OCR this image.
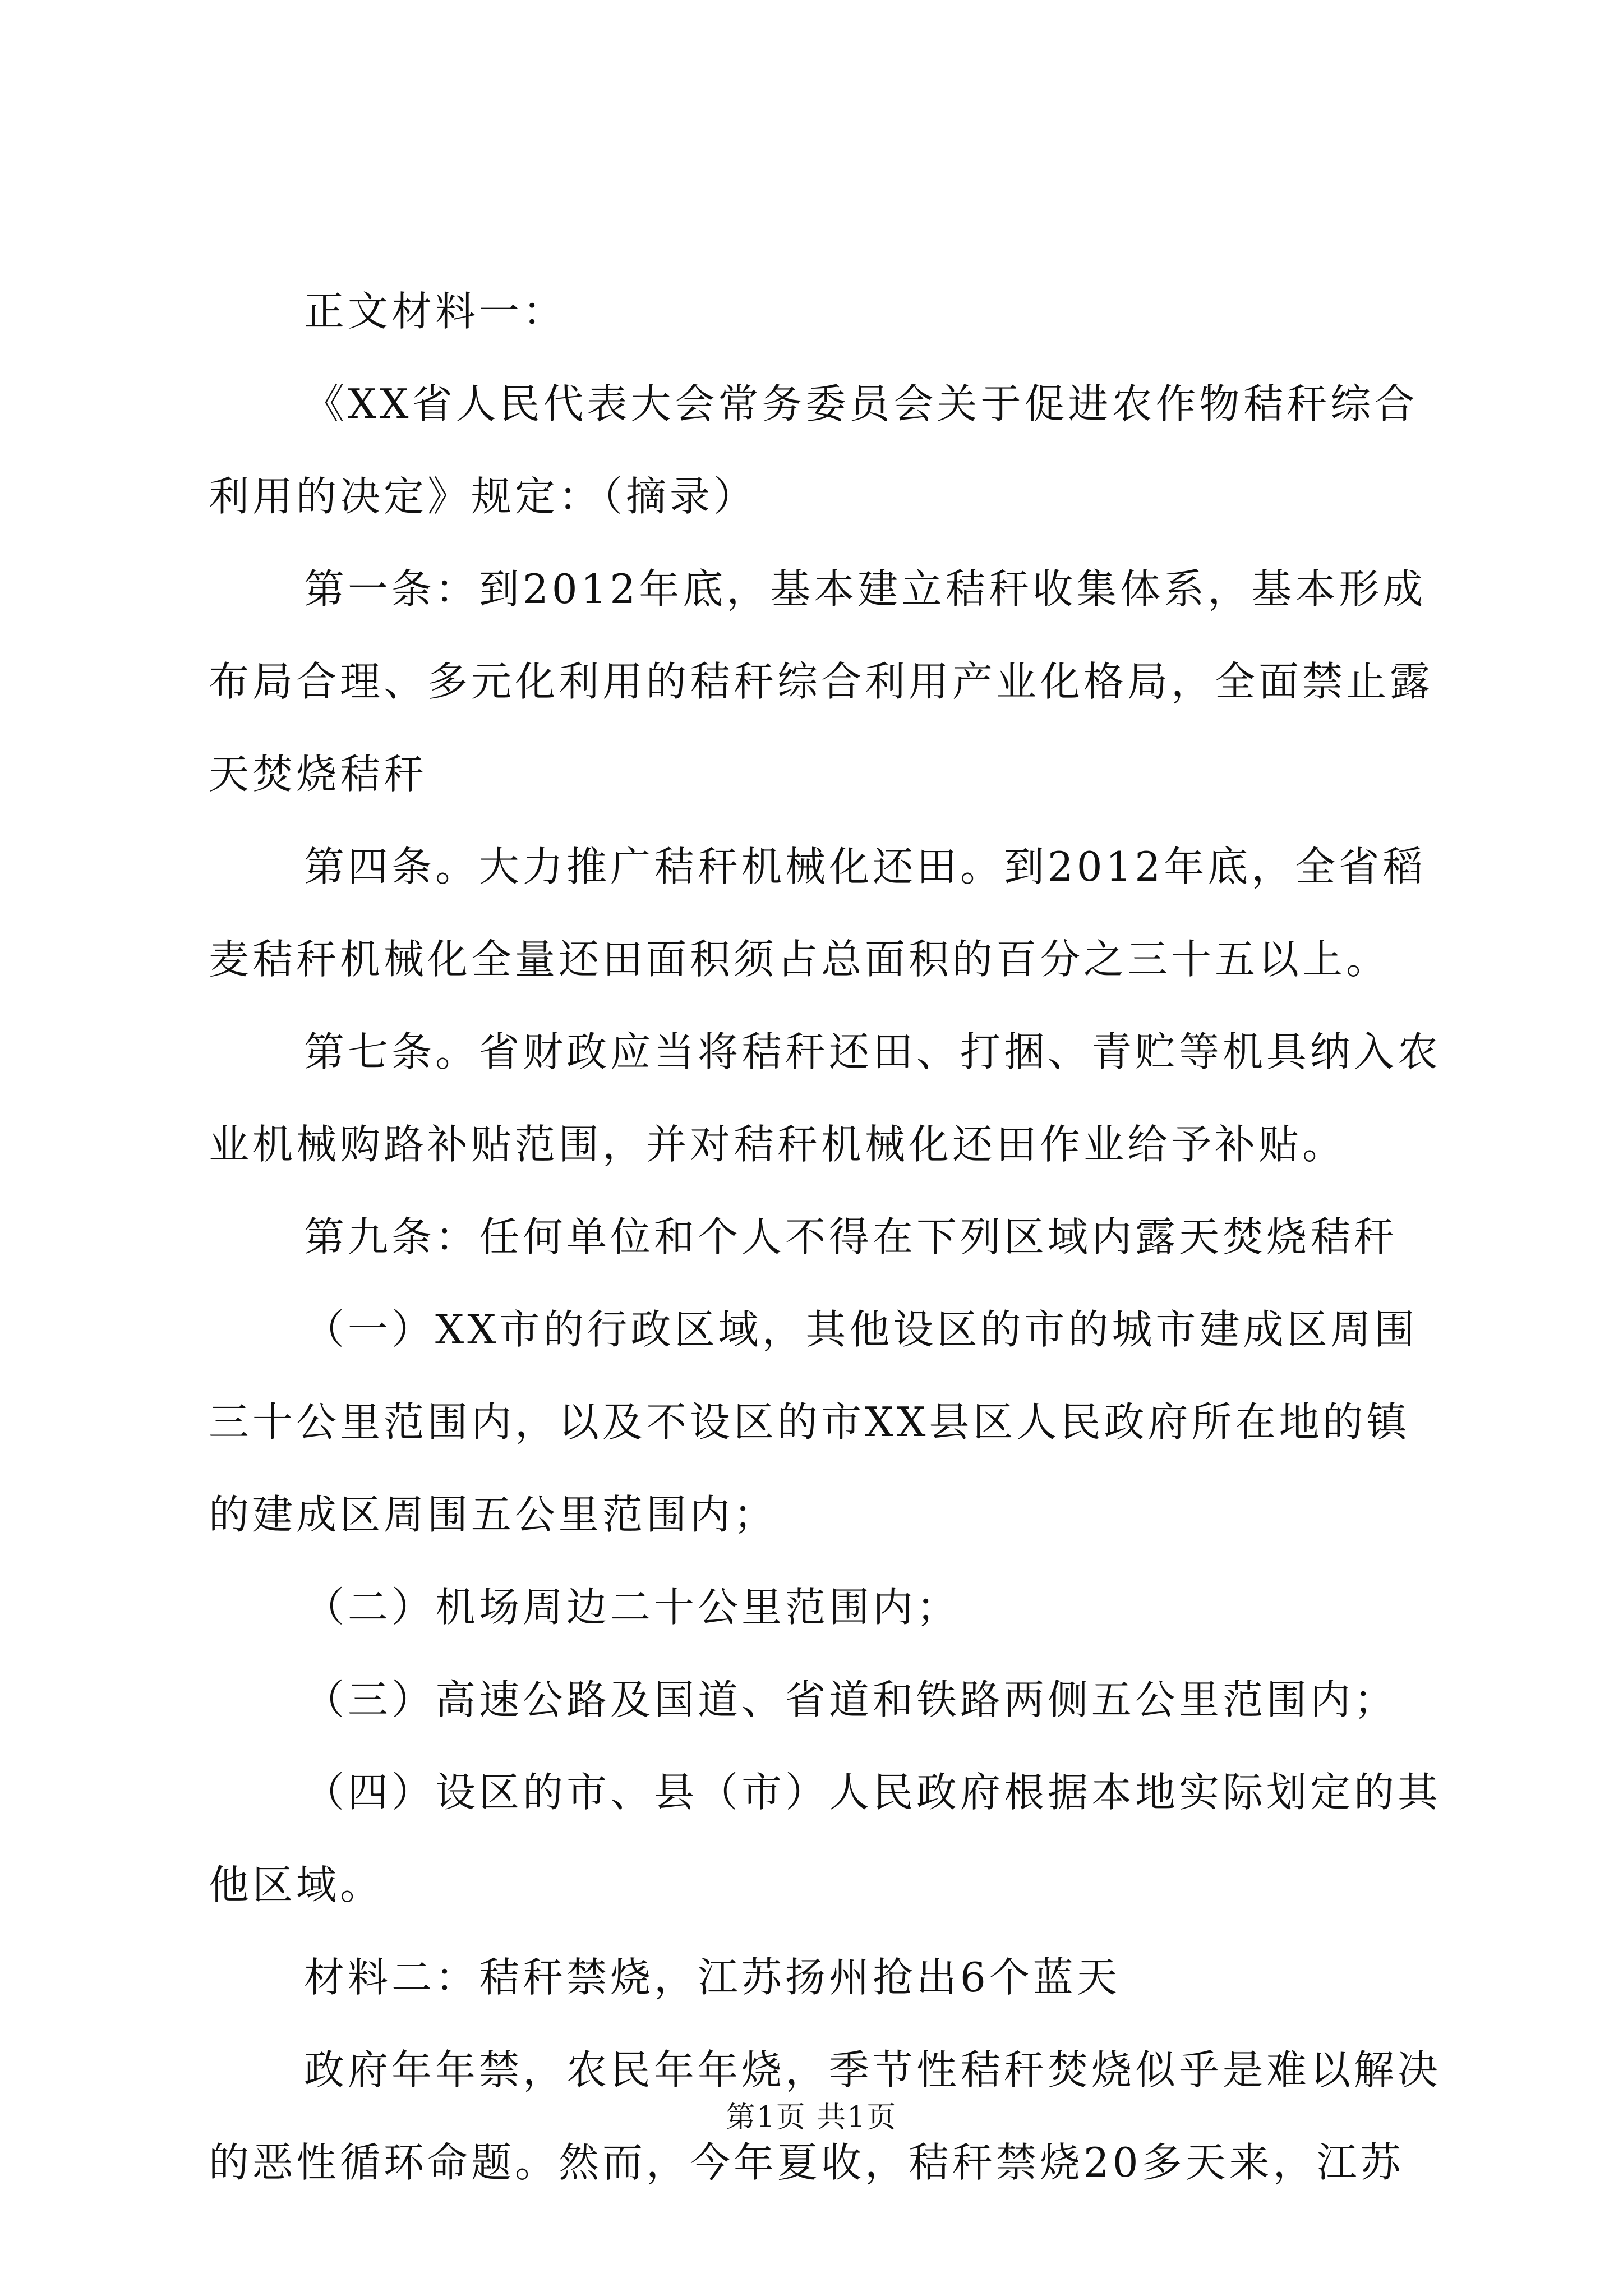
正文材料一：
《XX省人民代表大会常务委员会关于促进农作物秸秆综合
利用的决定》规定：（摘录）
第一条：到2012年底，基本建立秸秆收集体系，基本形成
布局合理、多元化利用的秸秆综合利用产业化格局，全面禁止露
天焚烧秸秆
第四条。大力推广秸秆机械化还田。到2012年底，全省稻
麦秸秆机械化全量还田面积须占总面积的百分之三十五以上。
第七条。省财政应当将秸秆还田、打捆、青贮等机具纳入农
业机械购路补贴范围，并对秸秆机械化还田作业给予补贴。
第九条：任何单位和个人不得在下列区域内露天焚烧秸秆
（一）XX市的行政区域，其他设区的市的城市建成区周围
三十公里范围内，以及不设区的市XX县区人民政府所在地的镇
的建成区周围五公里范围内；
（二）机场周边二十公里范围内；
（三）高速公路及国道、省道和铁路两侧五公里范围内；
（四）设区的市、县（市）人民政府根据本地实际划定的其
他区域。
材料二：秸秆禁烧，江苏扬州抢出6个蓝天
政府年年禁，农民年年烧，季节性秸秆焚烧似乎是难以解决
的恶性循环命题。然而，今年夏收，秸秆禁烧20多天来，江苏
第1页 共1页
